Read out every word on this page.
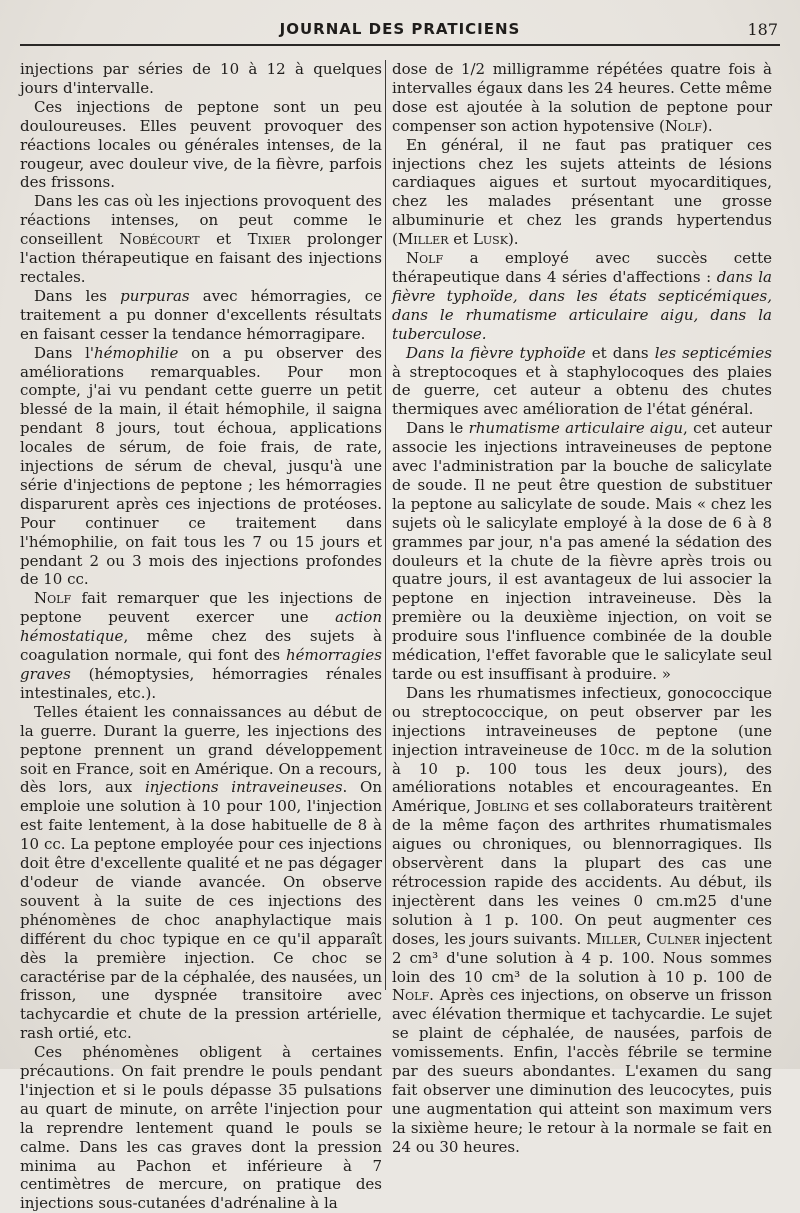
JOURNAL DES PRATICIENS	187

injections par séries de 10 à 12 à quelques jours d'intervalle.

Ces injections de peptone sont un peu douloureuses. Elles peuvent provoquer des réactions locales ou générales intenses, de la rougeur, avec douleur vive, de la fièvre, parfois des frissons.

Dans les cas où les injections provoquent des réactions intenses, on peut comme le conseillent Nobécourt et Tixier prolonger l'action thérapeutique en faisant des injections rectales.

Dans les purpuras avec hémorragies, ce traitement a pu donner d'excellents résultats en faisant cesser la tendance hémorragipare.

Dans l'hémophilie on a pu observer des améliorations remarquables. Pour mon compte, j'ai vu pendant cette guerre un petit blessé de la main, il était hémophile, il saigna pendant 8 jours, tout échoua, applications locales de sérum, de foie frais, de rate, injections de sérum de cheval, jusqu'à une série d'injections de peptone ; les hémorragies disparurent après ces injections de protéoses. Pour continuer ce traitement dans l'hémophilie, on fait tous les 7 ou 15 jours et pendant 2 ou 3 mois des injections profondes de 10 cc.

Nolf fait remarquer que les injections de peptone peuvent exercer une action hémostatique, même chez des sujets à coagulation normale, qui font des hémorragies graves (hémoptysies, hémorragies rénales intestinales, etc.).

Telles étaient les connaissances au début de la guerre. Durant la guerre, les injections des peptone prennent un grand développement soit en France, soit en Amérique. On a recours, dès lors, aux injections intraveineuses. On emploie une solution à 10 pour 100, l'injection est faite lentement, à la dose habituelle de 8 à 10 cc. La peptone employée pour ces injections doit être d'excellente qualité et ne pas dégager d'odeur de viande avancée. On observe souvent à la suite de ces injections des phénomènes de choc anaphylactique mais différent du choc typique en ce qu'il apparaît dès la première injection. Ce choc se caractérise par de la céphalée, des nausées, un frisson, une dyspnée transitoire avec tachycardie et chute de la pression artérielle, rash ortié, etc.

Ces phénomènes obligent à certaines précautions. On fait prendre le pouls pendant l'injection et si le pouls dépasse 35 pulsations au quart de minute, on arrête l'injection pour la reprendre lentement quand le pouls se calme. Dans les cas graves dont la pression minima au Pachon et inférieure à 7 centimètres de mercure, on pratique des injections sous-cutanées d'adrénaline à la

dose de 1/2 milligramme répétées quatre fois à intervalles égaux dans les 24 heures. Cette même dose est ajoutée à la solution de peptone pour compenser son action hypotensive (Nolf).

En général, il ne faut pas pratiquer ces injections chez les sujets atteints de lésions cardiaques aigues et surtout myocarditiques, chez les malades présentant une grosse albuminurie et chez les grands hypertendus (Miller et Lusk).

Nolf a employé avec succès cette thérapeutique dans 4 séries d'affections : dans la fièvre typhoïde, dans les états septicémiques, dans le rhumatisme articulaire aigu, dans la tuberculose.

Dans la fièvre typhoïde et dans les septicémies à streptocoques et à staphylocoques des plaies de guerre, cet auteur a obtenu des chutes thermiques avec amélioration de l'état général.

Dans le rhumatisme articulaire aigu, cet auteur associe les injections intraveineuses de peptone avec l'administration par la bouche de salicylate de soude. Il ne peut être question de substituer la peptone au salicylate de soude. Mais « chez les sujets où le salicylate employé à la dose de 6 à 8 grammes par jour, n'a pas amené la sédation des douleurs et la chute de la fièvre après trois ou quatre jours, il est avantageux de lui associer la peptone en injection intraveineuse. Dès la première ou la deuxième injection, on voit se produire sous l'influence combinée de la double médication, l'effet favorable que le salicylate seul tarde ou est insuffisant à produire. »

Dans les rhumatismes infectieux, gonococcique ou streptococcique, on peut observer par les injections intraveineuses de peptone (une injection intraveineuse de 10cc. m de la solution à 10 p. 100 tous les deux jours), des améliorations notables et encourageantes. En Amérique, Jobling et ses collaborateurs traitèrent de la même façon des arthrites rhumatismales aigues ou chroniques, ou blennorragiques. Ils observèrent dans la plupart des cas une rétrocession rapide des accidents. Au début, ils injectèrent dans les veines 0 cm.m25 d'une solution à 1 p. 100. On peut augmenter ces doses, les jours suivants. Miller, Culner injectent 2 cm³ d'une solution à 4 p. 100. Nous sommes loin des 10 cm³ de la solution à 10 p. 100 de Nolf. Après ces injections, on observe un frisson avec élévation thermique et tachycardie. Le sujet se plaint de céphalée, de nausées, parfois de vomissements. Enfin, l'accès fébrile se termine par des sueurs abondantes. L'examen du sang fait observer une diminution des leucocytes, puis une augmentation qui atteint son maximum vers la sixième heure; le retour à la normale se fait en 24 ou 30 heures.
